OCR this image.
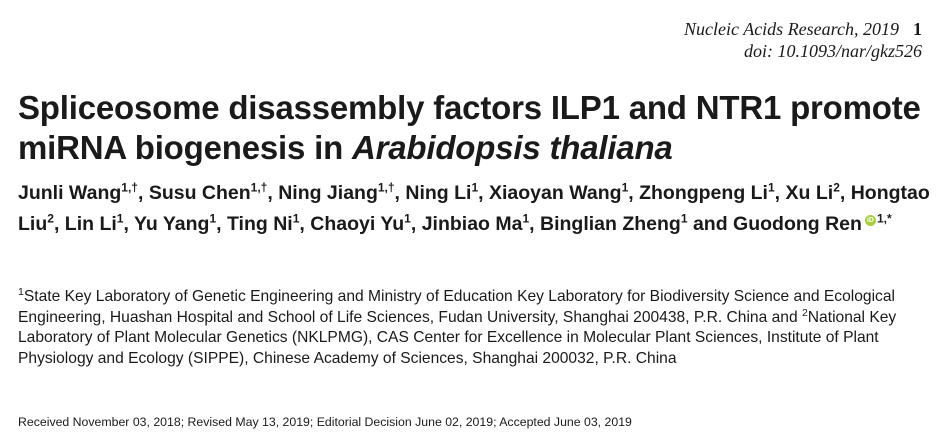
Nucleic Acids Research, 2019 1
doi: 10.1093/nar/gkz526
Spliceosome disassembly factors ILP1 and NTR1 promote miRNA biogenesis in Arabidopsis thaliana
Junli Wang$^{1,\dagger}$, Susu Chen$^{1,\dagger}$, Ning Jiang$^{1,\dagger}$, Ning Li$^1$, Xiaoyan Wang$^1$, Zhongpeng Li$^1$, Xu Li$^2$, Hongtao Liu$^2$, Lin Li$^1$, Yu Yang$^1$, Ting Ni$^1$, Chaoyi Yu$^1$, Jinbiao Ma$^1$, Binglian Zheng$^1$ and Guodong Ren iD $^{1,*}$
$^1$State Key Laboratory of Genetic Engineering and Ministry of Education Key Laboratory for Biodiversity Science and Ecological Engineering, Huashan Hospital and School of Life Sciences, Fudan University, Shanghai 200438, P.R. China and $^2$National Key Laboratory of Plant Molecular Genetics (NKLPMG), CAS Center for Excellence in Molecular Plant Sciences, Institute of Plant Physiology and Ecology (SIPPE), Chinese Academy of Sciences, Shanghai 200032, P.R. China
Received November 03, 2018; Revised May 13, 2019; Editorial Decision June 02, 2019; Accepted June 03, 2019
